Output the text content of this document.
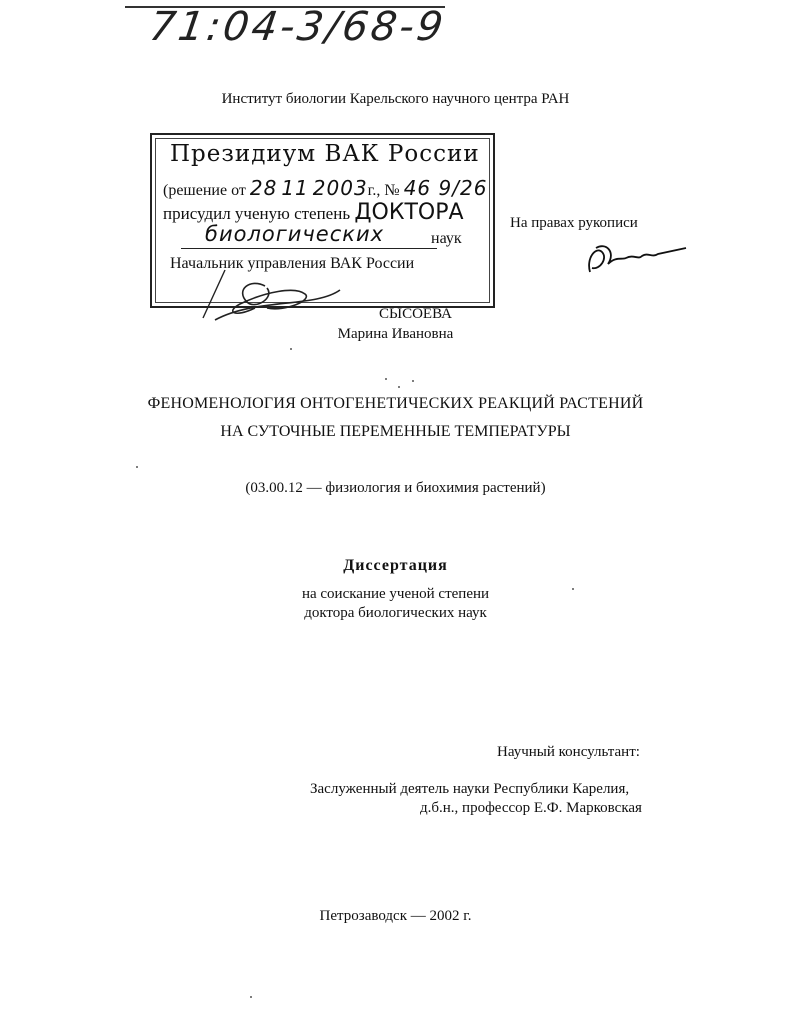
71:04-3/68-9
Институт биологии Карельского научного центра РАН
Президиум ВАК России
(решение от 28 11 2003г., № 46 9/26
присудил ученую степень ДОКТОРА
биологических	наук
Начальник управления ВАК России
На правах рукописи
СЫСОЕВА
Марина Ивановна
ФЕНОМЕНОЛОГИЯ ОНТОГЕНЕТИЧЕСКИХ РЕАКЦИЙ РАСТЕНИЙ
НА СУТОЧНЫЕ ПЕРЕМЕННЫЕ ТЕМПЕРАТУРЫ
(03.00.12 — физиология и биохимия растений)
Диссертация
на соискание ученой степени
доктора биологических наук
Научный консультант:
Заслуженный деятель науки Республики Карелия,
д.б.н., профессор Е.Ф. Марковская
Петрозаводск — 2002 г.
